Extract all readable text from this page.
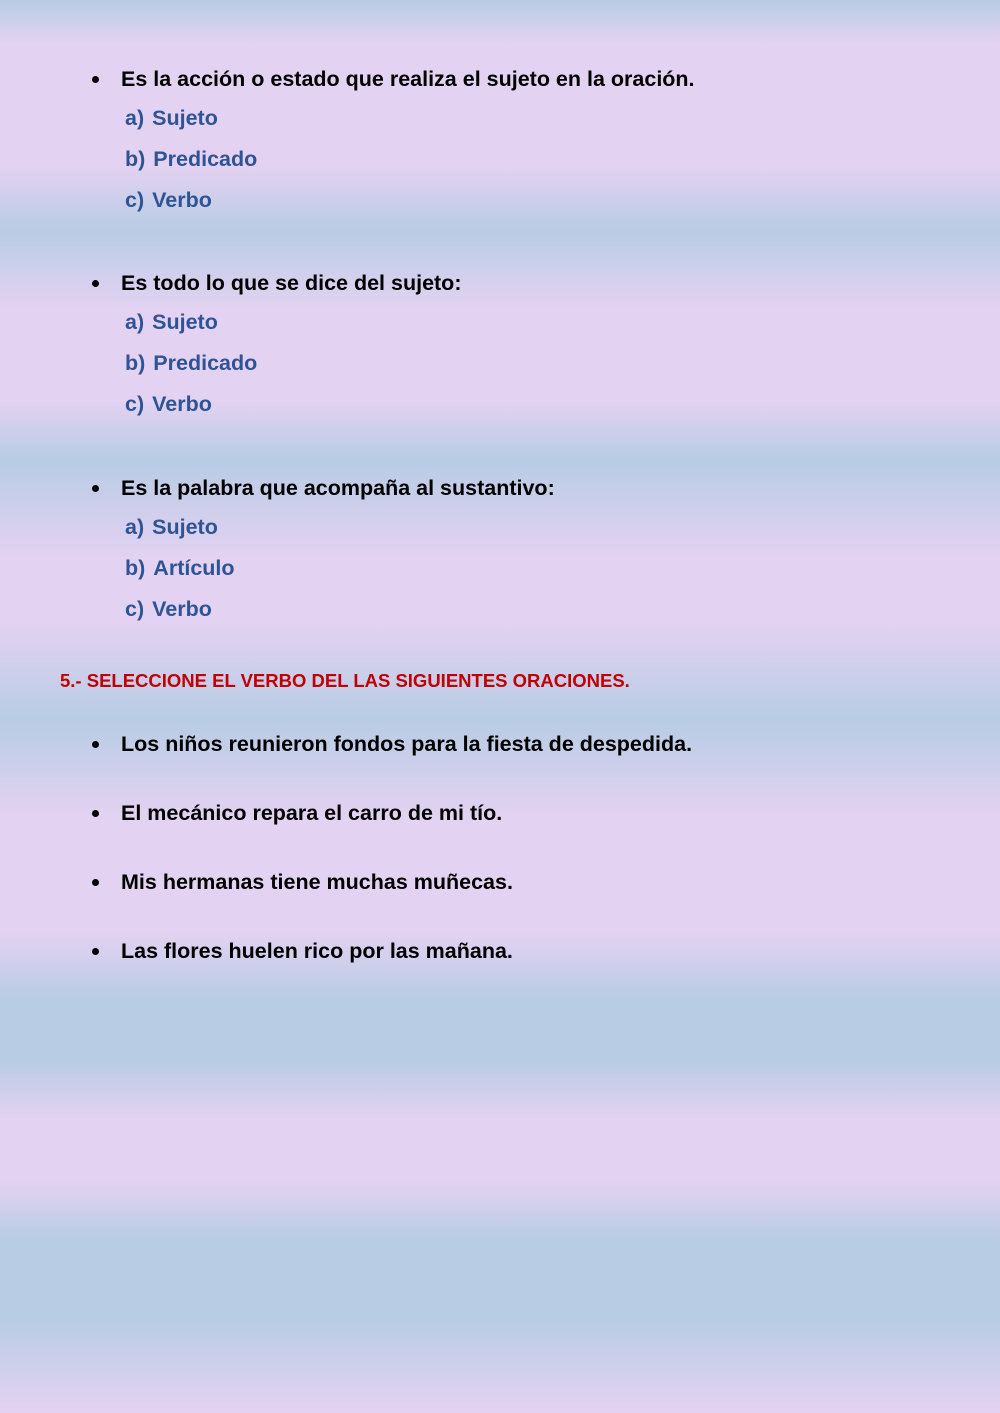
Es la acción o estado que realiza el sujeto en la oración.
a) Sujeto
b) Predicado
c) Verbo
Es todo lo que se dice del sujeto:
a) Sujeto
b) Predicado
c) Verbo
Es la palabra que acompaña al sustantivo:
a) Sujeto
b) Artículo
c) Verbo
5.- SELECCIONE EL VERBO DEL LAS SIGUIENTES ORACIONES.
Los niños reunieron fondos para la fiesta de despedida.
El mecánico repara el carro de mi tío.
Mis hermanas tiene muchas muñecas.
Las flores huelen rico por las mañana.
